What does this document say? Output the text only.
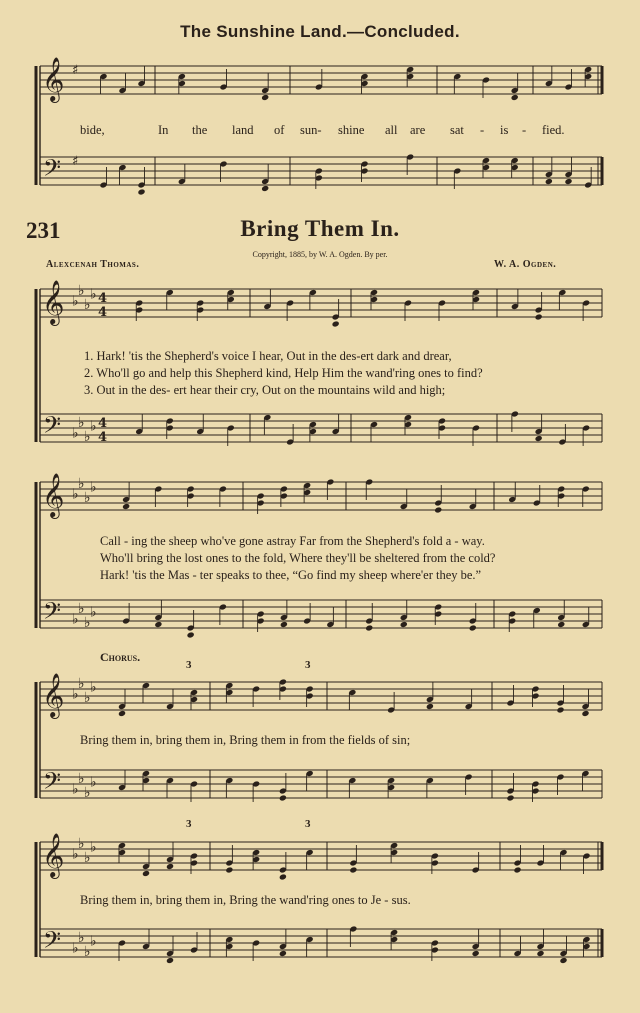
The Sunshine Land.—Concluded.
bide,	In the land of sun- shine all are sat - is - fied.
231	Bring Them In.
Copyright, 1885, by W. A. Ogden. By per.
Alexcenah Thomas.	W. A. Ogden.
1. Hark! 'tis the Shepherd's voice I hear, Out in the des-ert dark and drear,
2. Who'll go and help this Shepherd kind, Help Him the wand'ring ones to find?
3. Out in the des- ert hear their cry, Out on the mountains wild and high;
Call - ing the sheep who've gone astray Far from the Shepherd's fold a - way.
Who'll bring the lost ones to the fold, Where they'll be sheltered from the cold?
Hark! 'tis the Mas - ter speaks to thee, “Go find my sheep where'er they be.”
Chorus.
Bring them in, bring them in, Bring them in from the fields of sin;
Bring them in, bring them in, Bring the wand'ring ones to Je - sus.
3	3
3	3
𝄞
𝄢
♯
♯
𝄞
𝄢
♭
♭
♭
♭
♭
♭
♭
♭
4
4
4
4
𝄞
𝄢
♭
♭
♭
♭
♭
♭
♭
♭
𝄞
𝄢
♭
♭
♭
♭
♭
♭
♭
♭
𝄞
𝄢
♭
♭
♭
♭
♭
♭
♭
♭
